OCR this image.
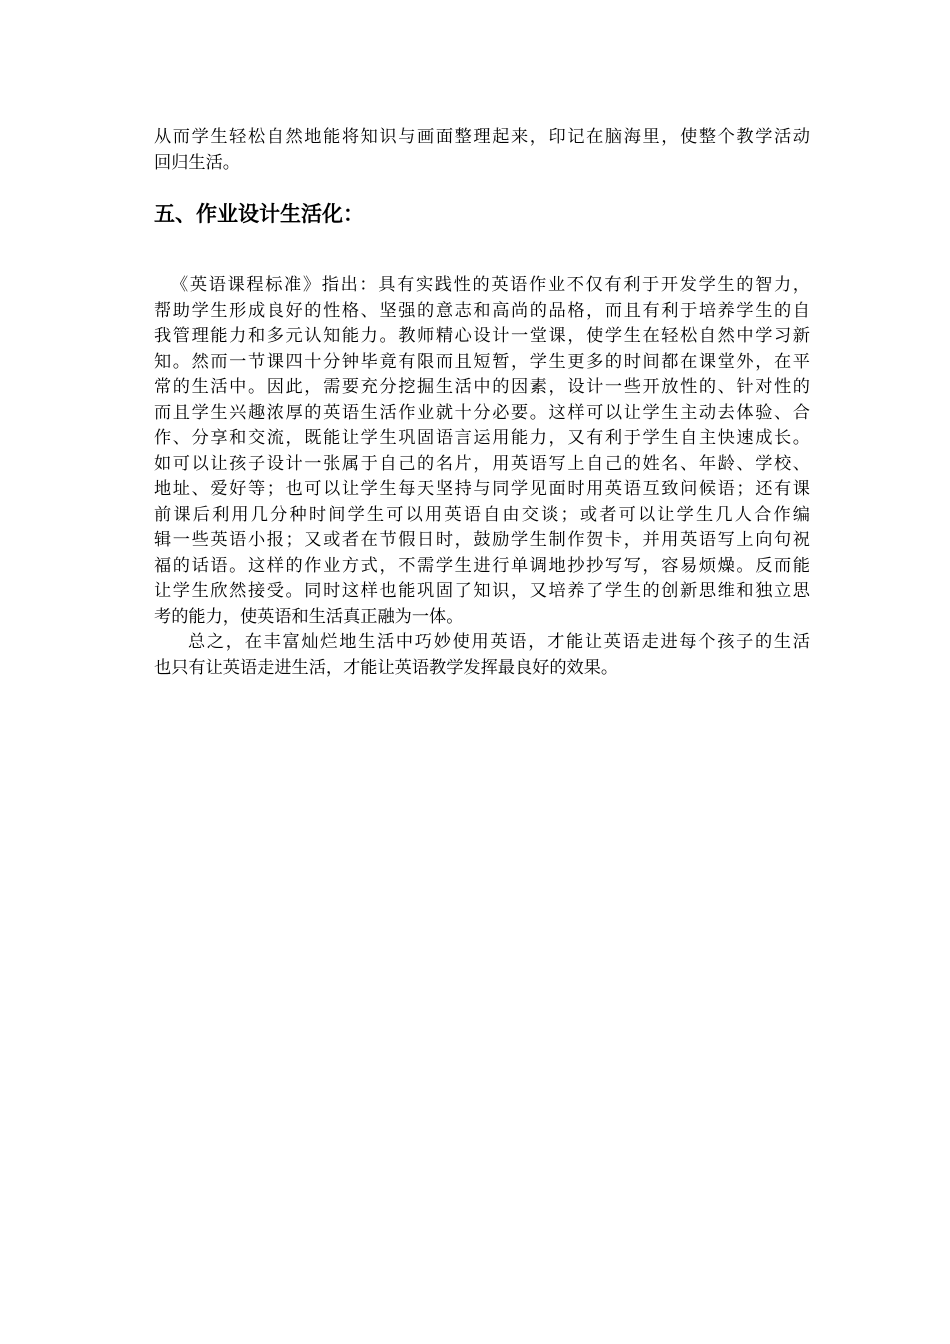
从而学生轻松自然地能将知识与画面整理起来，印记在脑海里，使整个教学活动
回归生活。
五、作业设计生活化：
《英语课程标准》指出：具有实践性的英语作业不仅有利于开发学生的智力，
帮助学生形成良好的性格、坚强的意志和高尚的品格，而且有利于培养学生的自
我管理能力和多元认知能力。教师精心设计一堂课，使学生在轻松自然中学习新
知。然而一节课四十分钟毕竟有限而且短暂，学生更多的时间都在课堂外，在平
常的生活中。因此，需要充分挖掘生活中的因素，设计一些开放性的、针对性的
而且学生兴趣浓厚的英语生活作业就十分必要。这样可以让学生主动去体验、合
作、分享和交流，既能让学生巩固语言运用能力，又有利于学生自主快速成长。
如可以让孩子设计一张属于自己的名片，用英语写上自己的姓名、年龄、学校、
地址、爱好等；也可以让学生每天坚持与同学见面时用英语互致问候语；还有课
前课后利用几分种时间学生可以用英语自由交谈；或者可以让学生几人合作编
辑一些英语小报；又或者在节假日时，鼓励学生制作贺卡，并用英语写上向句祝
福的话语。这样的作业方式，不需学生进行单调地抄抄写写，容易烦燥。反而能
让学生欣然接受。同时这样也能巩固了知识，又培养了学生的创新思维和独立思
考的能力，使英语和生活真正融为一体。
总之，在丰富灿烂地生活中巧妙使用英语，才能让英语走进每个孩子的生活
也只有让英语走进生活，才能让英语教学发挥最良好的效果。
